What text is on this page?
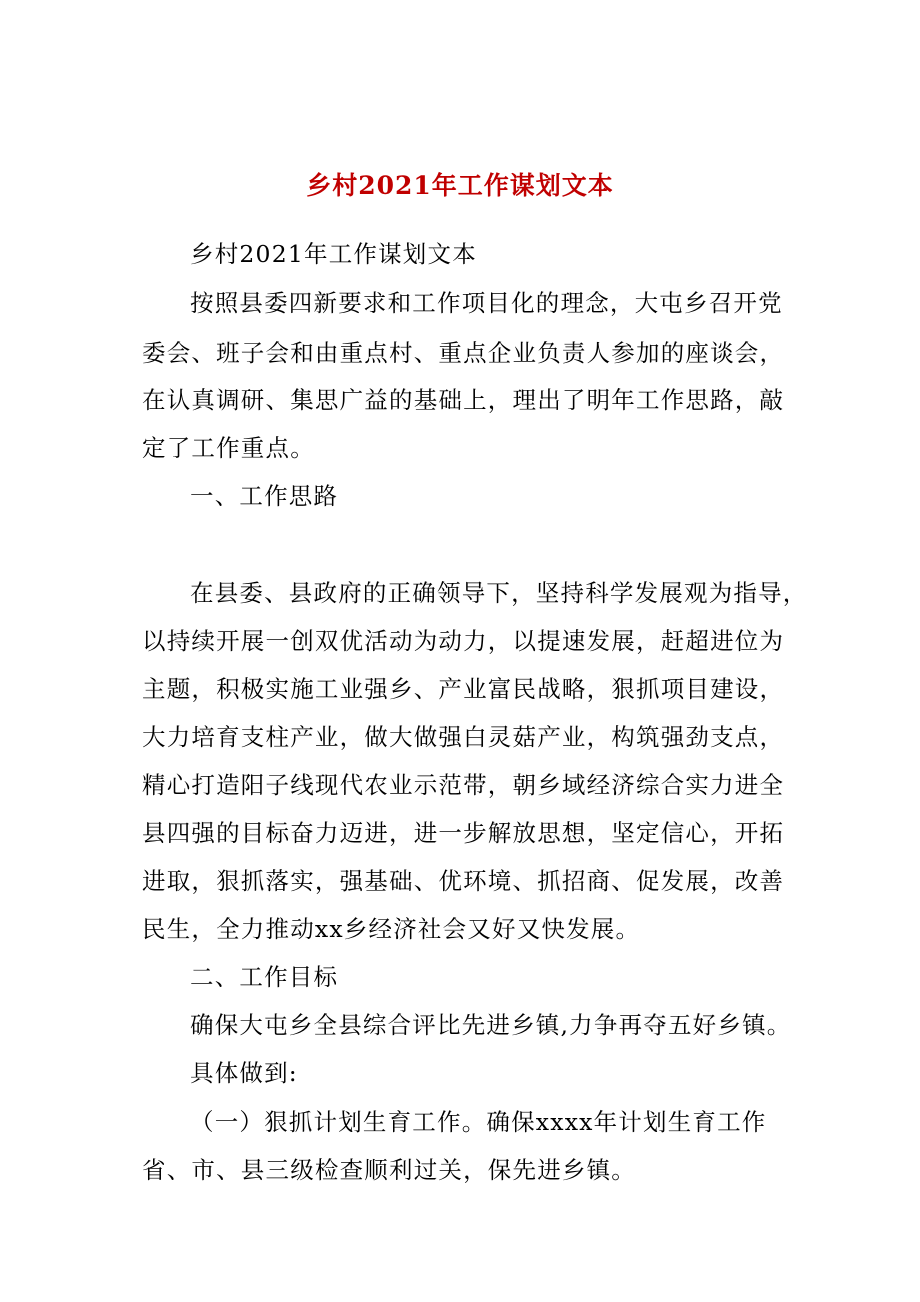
乡村2021年工作谋划文本
乡村2021年工作谋划文本
按照县委四新要求和工作项目化的理念，大屯乡召开党
委会、班子会和由重点村、重点企业负责人参加的座谈会，
在认真调研、集思广益的基础上，理出了明年工作思路，敲
定了工作重点。
一、工作思路
在县委、县政府的正确领导下，坚持科学发展观为指导，
以持续开展一创双优活动为动力，以提速发展，赶超进位为
主题，积极实施工业强乡、产业富民战略，狠抓项目建设，
大力培育支柱产业，做大做强白灵菇产业，构筑强劲支点，
精心打造阳子线现代农业示范带，朝乡域经济综合实力进全
县四强的目标奋力迈进，进一步解放思想，坚定信心，开拓
进取，狠抓落实，强基础、优环境、抓招商、促发展，改善
民生，全力推动xx乡经济社会又好又快发展。
二、工作目标
确保大屯乡全县综合评比先进乡镇,力争再夺五好乡镇。
具体做到:
（一）狠抓计划生育工作。确保xxxx年计划生育工作
省、市、县三级检查顺利过关，保先进乡镇。
